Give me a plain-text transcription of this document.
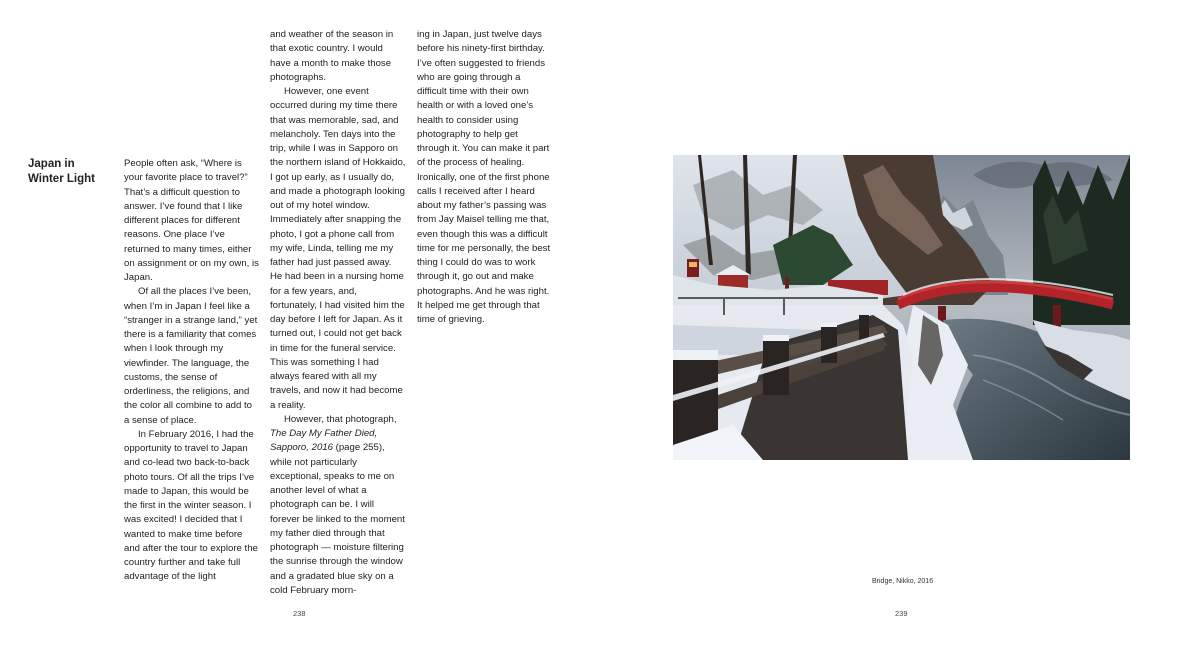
Japan in Winter Light

People often ask, “Where is your favorite place to travel?” That’s a difficult question to answer. I’ve found that I like different places for different reasons. One place I’ve returned to many times, either on assignment or on my own, is Japan.

Of all the places I’ve been, when I’m in Japan I feel like a “stranger in a strange land,” yet there is a familiarity that comes when I look through my viewfinder. The language, the customs, the sense of orderliness, the religions, and the color all combine to add to a sense of place.

In February 2016, I had the opportunity to travel to Japan and co-lead two back-to-back photo tours. Of all the trips I’ve made to Japan, this would be the first in the winter season. I was excited! I decided that I wanted to make time before and after the tour to explore the country further and take full advantage of the light

and weather of the season in that exotic country. I would have a month to make those photographs.

However, one event occurred during my time there that was memorable, sad, and melancholy. Ten days into the trip, while I was in Sapporo on the northern island of Hokkaido, I got up early, as I usually do, and made a photograph looking out of my hotel window. Immediately after snapping the photo, I got a phone call from my wife, Linda, telling me my father had just passed away. He had been in a nursing home for a few years, and, fortunately, I had visited him the day before I left for Japan. As it turned out, I could not get back in time for the funeral service. This was something I had always feared with all my travels, and now it had become a reality.

However, that photograph, The Day My Father Died, Sapporo, 2016 (page 255), while not particularly exceptional, speaks to me on another level of what a photograph can be. I will forever be linked to the moment my father died through that photograph — moisture filtering the sunrise through the window and a gradated blue sky on a cold February morn-

ing in Japan, just twelve days before his ninety-first birthday. I’ve often suggested to friends who are going through a difficult time with their own health or with a loved one’s health to consider using photography to help get through it. You can make it part of the process of healing. Ironically, one of the first phone calls I received after I heard about my father’s passing was from Jay Maisel telling me that, even though this was a difficult time for me personally, the best thing I could do was to work through it, go out and make photographs. And he was right. It helped me get through that time of grieving.

238
Bridge, Nikko, 2016
239
